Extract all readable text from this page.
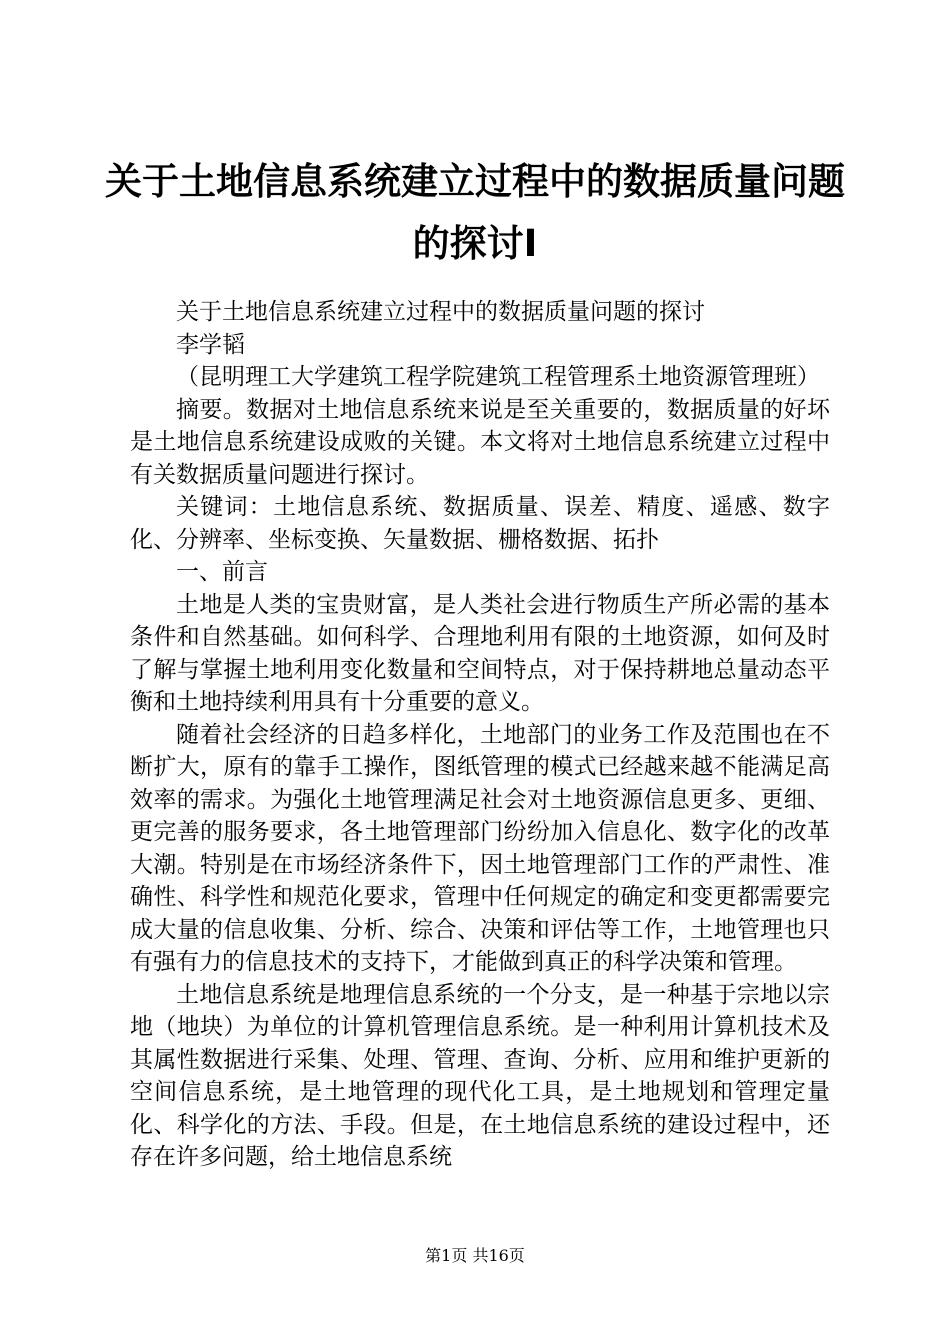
关于土地信息系统建立过程中的数据质量问题
的探讨Ⅰ

关于土地信息系统建立过程中的数据质量问题的探讨

李学韬

（昆明理工大学建筑工程学院建筑工程管理系土地资源管理班）

摘要。数据对土地信息系统来说是至关重要的，数据质量的好坏是土地信息系统建设成败的关键。本文将对土地信息系统建立过程中有关数据质量问题进行探讨。

关键词：土地信息系统、数据质量、误差、精度、遥感、数字化、分辨率、坐标变换、矢量数据、栅格数据、拓扑

一、前言

土地是人类的宝贵财富，是人类社会进行物质生产所必需的基本条件和自然基础。如何科学、合理地利用有限的土地资源，如何及时了解与掌握土地利用变化数量和空间特点，对于保持耕地总量动态平衡和土地持续利用具有十分重要的意义。

随着社会经济的日趋多样化，土地部门的业务工作及范围也在不断扩大，原有的靠手工操作，图纸管理的模式已经越来越不能满足高效率的需求。为强化土地管理满足社会对土地资源信息更多、更细、更完善的服务要求，各土地管理部门纷纷加入信息化、数字化的改革大潮。特别是在市场经济条件下，因土地管理部门工作的严肃性、准确性、科学性和规范化要求，管理中任何规定的确定和变更都需要完成大量的信息收集、分析、综合、决策和评估等工作，土地管理也只有强有力的信息技术的支持下，才能做到真正的科学决策和管理。

土地信息系统是地理信息系统的一个分支，是一种基于宗地以宗地（地块）为单位的计算机管理信息系统。是一种利用计算机技术及其属性数据进行采集、处理、管理、查询、分析、应用和维护更新的空间信息系统，是土地管理的现代化工具，是土地规划和管理定量化、科学化的方法、手段。但是，在土地信息系统的建设过程中，还存在许多问题，给土地信息系统

第1页 共16页
